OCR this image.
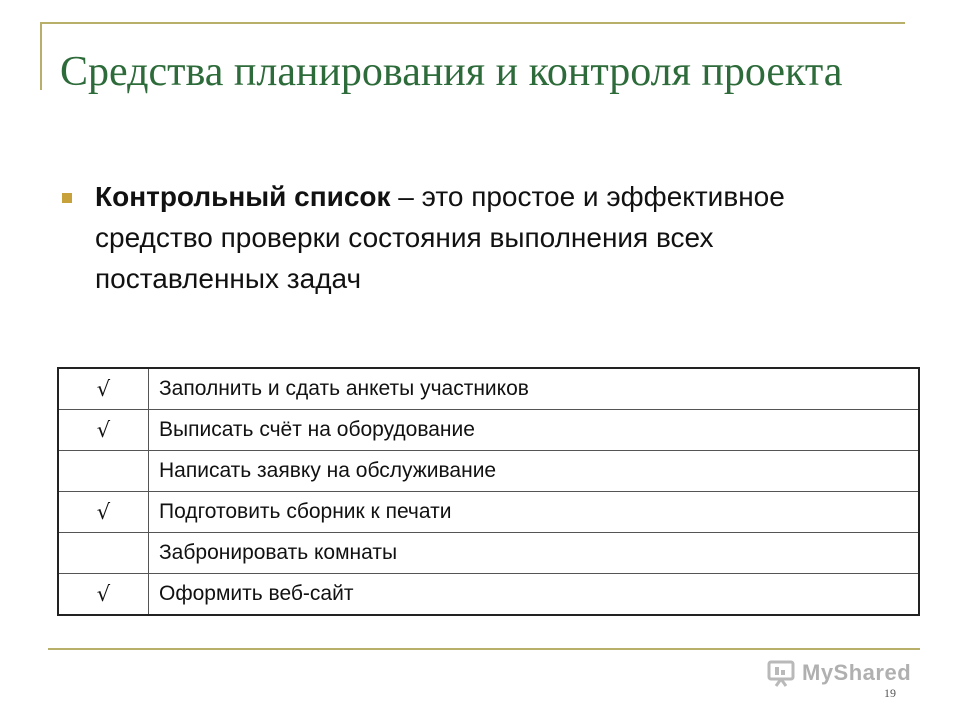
Средства планирования и контроля проекта

Контрольный список – это простое и эффективное средство проверки состояния выполнения всех поставленных задач

√	Заполнить и сдать анкеты участников
√	Выписать счёт на оборудование
	Написать заявку на обслуживание
√	Подготовить сборник к печати
	Забронировать комнаты
√	Оформить веб-сайт
MyShared
19
